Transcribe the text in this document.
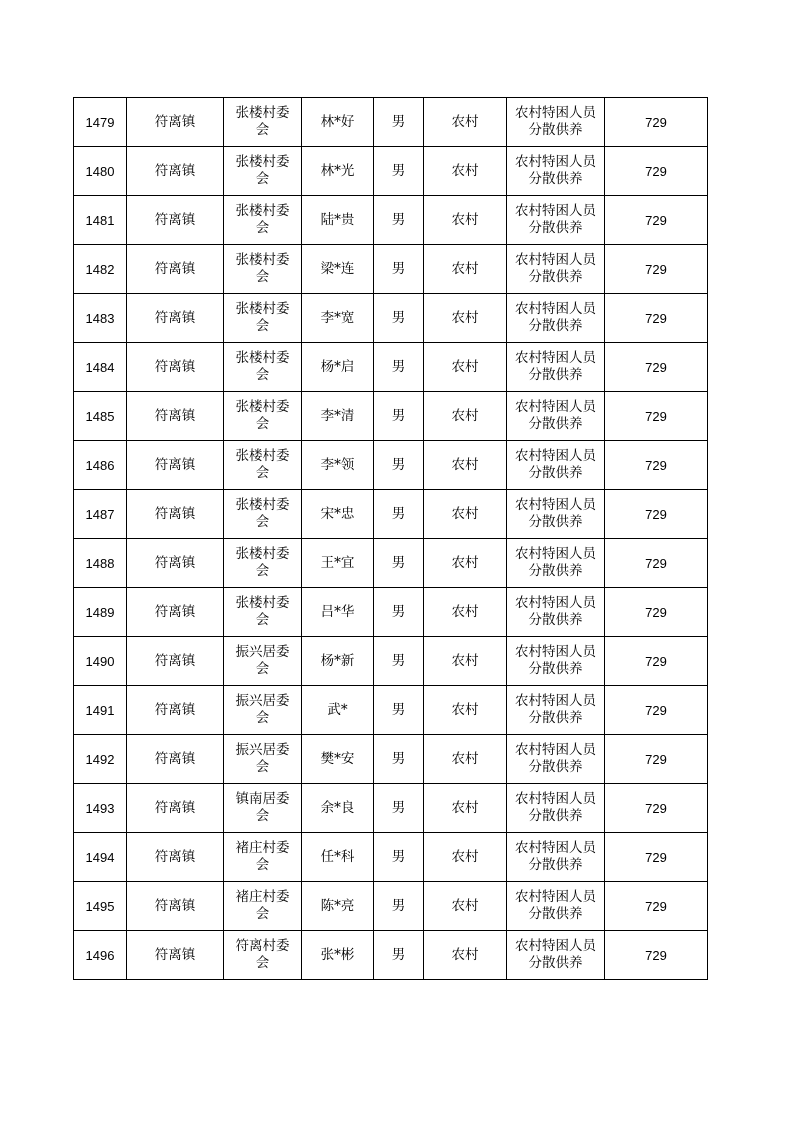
1479	符离镇	张楼村委会	林*好	男	农村	农村特困人员分散供养	729
1480	符离镇	张楼村委会	林*光	男	农村	农村特困人员分散供养	729
1481	符离镇	张楼村委会	陆*贵	男	农村	农村特困人员分散供养	729
1482	符离镇	张楼村委会	梁*连	男	农村	农村特困人员分散供养	729
1483	符离镇	张楼村委会	李*宽	男	农村	农村特困人员分散供养	729
1484	符离镇	张楼村委会	杨*启	男	农村	农村特困人员分散供养	729
1485	符离镇	张楼村委会	李*清	男	农村	农村特困人员分散供养	729
1486	符离镇	张楼村委会	李*领	男	农村	农村特困人员分散供养	729
1487	符离镇	张楼村委会	宋*忠	男	农村	农村特困人员分散供养	729
1488	符离镇	张楼村委会	王*宜	男	农村	农村特困人员分散供养	729
1489	符离镇	张楼村委会	吕*华	男	农村	农村特困人员分散供养	729
1490	符离镇	振兴居委会	杨*新	男	农村	农村特困人员分散供养	729
1491	符离镇	振兴居委会	武*	男	农村	农村特困人员分散供养	729
1492	符离镇	振兴居委会	樊*安	男	农村	农村特困人员分散供养	729
1493	符离镇	镇南居委会	余*良	男	农村	农村特困人员分散供养	729
1494	符离镇	褚庄村委会	任*科	男	农村	农村特困人员分散供养	729
1495	符离镇	褚庄村委会	陈*亮	男	农村	农村特困人员分散供养	729
1496	符离镇	符离村委会	张*彬	男	农村	农村特困人员分散供养	729
